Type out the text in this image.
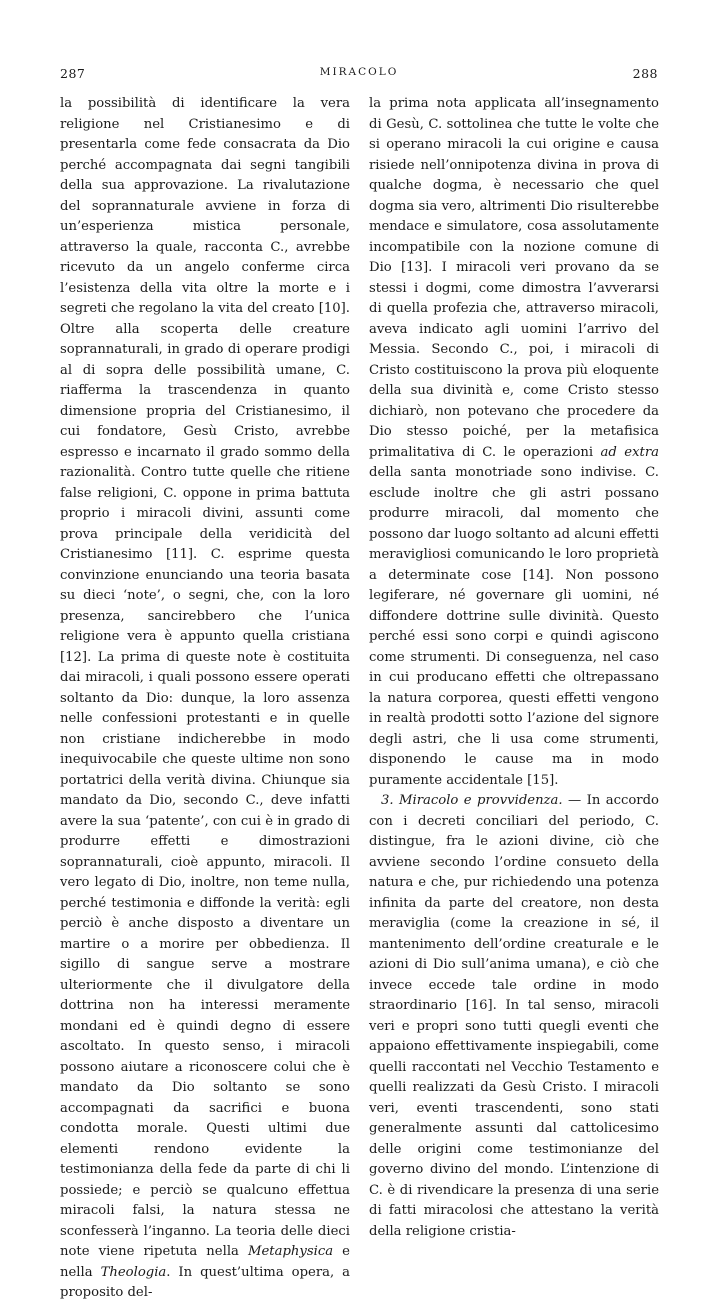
287	MIRACOLO	288

la possibilità di identificare la vera religione nel Cristianesimo e di presentarla come fede consacrata da Dio perché accompagnata dai segni tangibili della sua approvazione. La rivalutazione del soprannaturale avviene in forza di un’esperienza mistica personale, attraverso la quale, racconta C., avrebbe ricevuto da un angelo conferme circa l’esistenza della vita oltre la morte e i segreti che regolano la vita del creato [10]. Oltre alla scoperta delle creature soprannaturali, in grado di operare prodigi al di sopra delle possibilità umane, C. riafferma la trascendenza in quanto dimensione propria del Cristianesimo, il cui fondatore, Gesù Cristo, avrebbe espresso e incarnato il grado sommo della razionalità. Contro tutte quelle che ritiene false religioni, C. oppone in prima battuta proprio i miracoli divini, assunti come prova principale della veridicità del Cristianesimo [11]. C. esprime questa convinzione enunciando una teoria basata su dieci ‘note’, o segni, che, con la loro presenza, sancirebbero che l’unica religione vera è appunto quella cristiana [12]. La prima di queste note è costituita dai miracoli, i quali possono essere operati soltanto da Dio: dunque, la loro assenza nelle confessioni protestanti e in quelle non cristiane indicherebbe in modo inequivocabile che queste ultime non sono portatrici della verità divina. Chiunque sia mandato da Dio, secondo C., deve infatti avere la sua ‘patente’, con cui è in grado di produrre effetti e dimostrazioni soprannaturali, cioè appunto, miracoli. Il vero legato di Dio, inoltre, non teme nulla, perché testimonia e diffonde la verità: egli perciò è anche disposto a diventare un martire o a morire per obbedienza. Il sigillo di sangue serve a mostrare ulteriormente che il divulgatore della dottrina non ha interessi meramente mondani ed è quindi degno di essere ascoltato. In questo senso, i miracoli possono aiutare a riconoscere colui che è mandato da Dio soltanto se sono accompagnati da sacrifici e buona condotta morale. Questi ultimi due elementi rendono evidente la testimonianza della fede da parte di chi li possiede; e perciò se qualcuno effettua miracoli falsi, la natura stessa ne sconfesserà l’inganno. La teoria delle dieci note viene ripetuta nella Metaphysica e nella Theologia. In quest’ultima opera, a proposito del-

la prima nota applicata all’insegnamento di Gesù, C. sottolinea che tutte le volte che si operano miracoli la cui origine e causa risiede nell’onnipotenza divina in prova di qualche dogma, è necessario che quel dogma sia vero, altrimenti Dio risulterebbe mendace e simulatore, cosa assolutamente incompatibile con la nozione comune di Dio [13]. I miracoli veri provano da se stessi i dogmi, come dimostra l’avverarsi di quella profezia che, attraverso miracoli, aveva indicato agli uomini l’arrivo del Messia. Secondo C., poi, i miracoli di Cristo costituiscono la prova più eloquente della sua divinità e, come Cristo stesso dichiarò, non potevano che procedere da Dio stesso poiché, per la metafisica primalitativa di C. le operazioni ad extra della santa monotriade sono indivise. C. esclude inoltre che gli astri possano produrre miracoli, dal momento che possono dar luogo soltanto ad alcuni effetti meravigliosi comunicando le loro proprietà a determinate cose [14]. Non possono legiferare, né governare gli uomini, né diffondere dottrine sulle divinità. Questo perché essi sono corpi e quindi agiscono come strumenti. Di conseguenza, nel caso in cui producano effetti che oltrepassano la natura corporea, questi effetti vengono in realtà prodotti sotto l’azione del signore degli astri, che li usa come strumenti, disponendo le cause ma in modo puramente accidentale [15].

3. Miracolo e provvidenza. — In accordo con i decreti conciliari del periodo, C. distingue, fra le azioni divine, ciò che avviene secondo l’ordine consueto della natura e che, pur richiedendo una potenza infinita da parte del creatore, non desta meraviglia (come la creazione in sé, il mantenimento dell’ordine creaturale e le azioni di Dio sull’anima umana), e ciò che invece eccede tale ordine in modo straordinario [16]. In tal senso, miracoli veri e propri sono tutti quegli eventi che appaiono effettivamente inspiegabili, come quelli raccontati nel Vecchio Testamento e quelli realizzati da Gesù Cristo. I miracoli veri, eventi trascendenti, sono stati generalmente assunti dal cattolicesimo delle origini come testimonianze del governo divino del mondo. L’intenzione di C. è di rivendicare la presenza di una serie di fatti miracolosi che attestano la verità della religione cristia-
